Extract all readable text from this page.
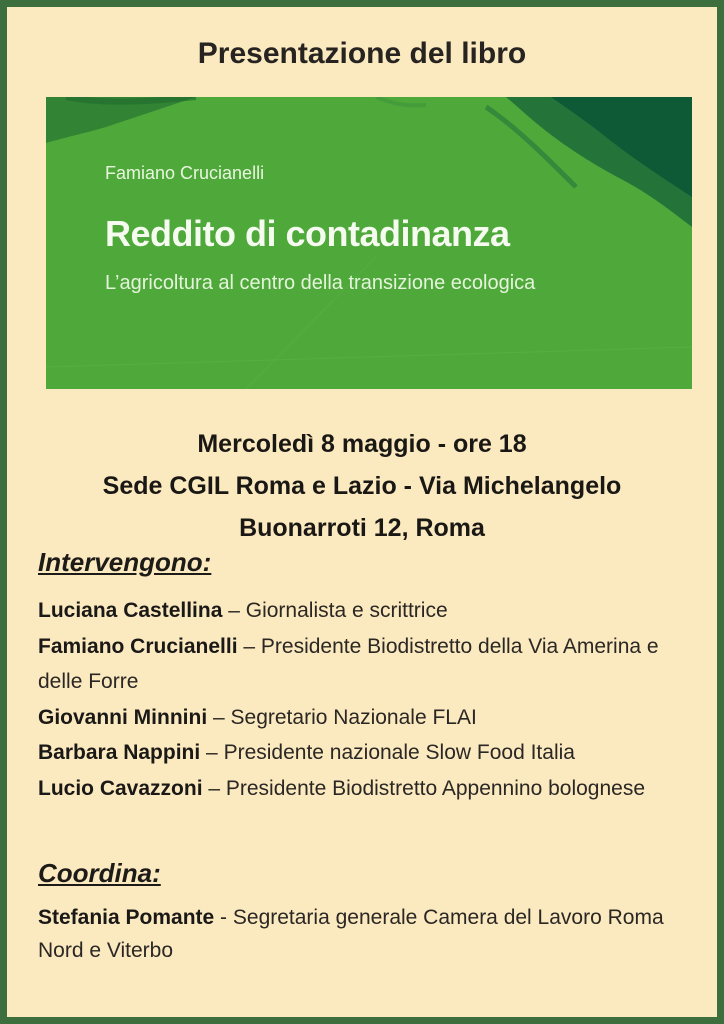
Presentazione del libro
Famiano Crucianelli
Reddito di contadinanza
L’agricoltura al centro della transizione ecologica
Mercoledì 8 maggio - ore 18
Sede CGIL Roma e Lazio - Via Michelangelo
Buonarroti 12, Roma
Intervengono:

Luciana Castellina – Giornalista e scrittrice

Famiano Crucianelli – Presidente Biodistretto della Via Amerina e delle Forre

Giovanni Minnini – Segretario Nazionale FLAI

Barbara Nappini – Presidente nazionale Slow Food Italia

Lucio Cavazzoni – Presidente Biodistretto Appennino bolognese

Coordina:

Stefania Pomante - Segretaria generale Camera del Lavoro Roma Nord e Viterbo
